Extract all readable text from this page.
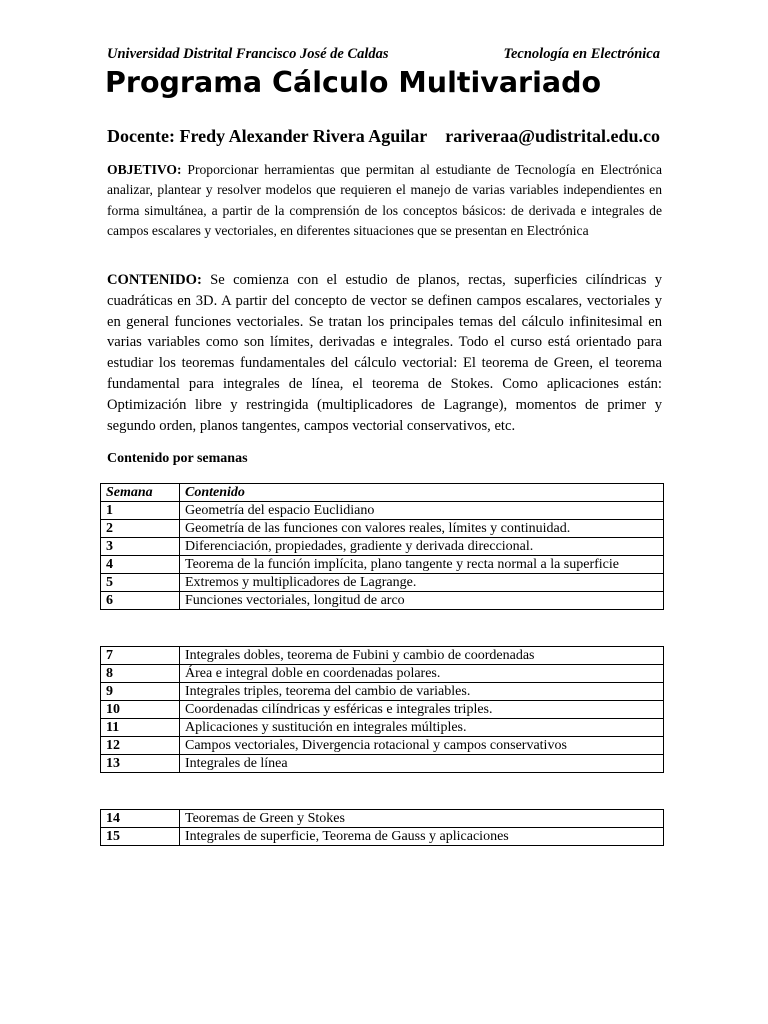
Universidad Distrital Francisco José de Caldas	Tecnología en Electrónica
Programa Cálculo Multivariado
Docente: Fredy Alexander Rivera Aguilar rariveraa@udistrital.edu.co

OBJETIVO: Proporcionar herramientas que permitan al estudiante de Tecnología en Electrónica analizar, plantear y resolver modelos que requieren el manejo de varias variables independientes en forma simultánea, a partir de la comprensión de los conceptos básicos: de derivada e integrales de campos escalares y vectoriales, en diferentes situaciones que se presentan en Electrónica

CONTENIDO: Se comienza con el estudio de planos, rectas, superficies cilíndricas y cuadráticas en 3D. A partir del concepto de vector se definen campos escalares, vectoriales y en general funciones vectoriales. Se tratan los principales temas del cálculo infinitesimal en varias variables como son límites, derivadas e integrales. Todo el curso está orientado para estudiar los teoremas fundamentales del cálculo vectorial: El teorema de Green, el teorema fundamental para integrales de línea, el teorema de Stokes. Como aplicaciones están: Optimización libre y restringida (multiplicadores de Lagrange), momentos de primer y segundo orden, planos tangentes, campos vectorial conservativos, etc.

Contenido por semanas
Semana	Contenido
1	Geometría del espacio Euclidiano
2	Geometría de las funciones con valores reales, límites y continuidad.
3	Diferenciación, propiedades, gradiente y derivada direccional.
4	Teorema de la función implícita, plano tangente y recta normal a la superficie
5	Extremos y multiplicadores de Lagrange.
6	Funciones vectoriales, longitud de arco
7	Integrales dobles, teorema de Fubini y cambio de coordenadas
8	Área e integral doble en coordenadas polares.
9	Integrales triples, teorema del cambio de variables.
10	Coordenadas cilíndricas y esféricas e integrales triples.
11	Aplicaciones y sustitución en integrales múltiples.
12	Campos vectoriales, Divergencia rotacional y campos conservativos
13	Integrales de línea
14	Teoremas de Green y Stokes
15	Integrales de superficie, Teorema de Gauss y aplicaciones
